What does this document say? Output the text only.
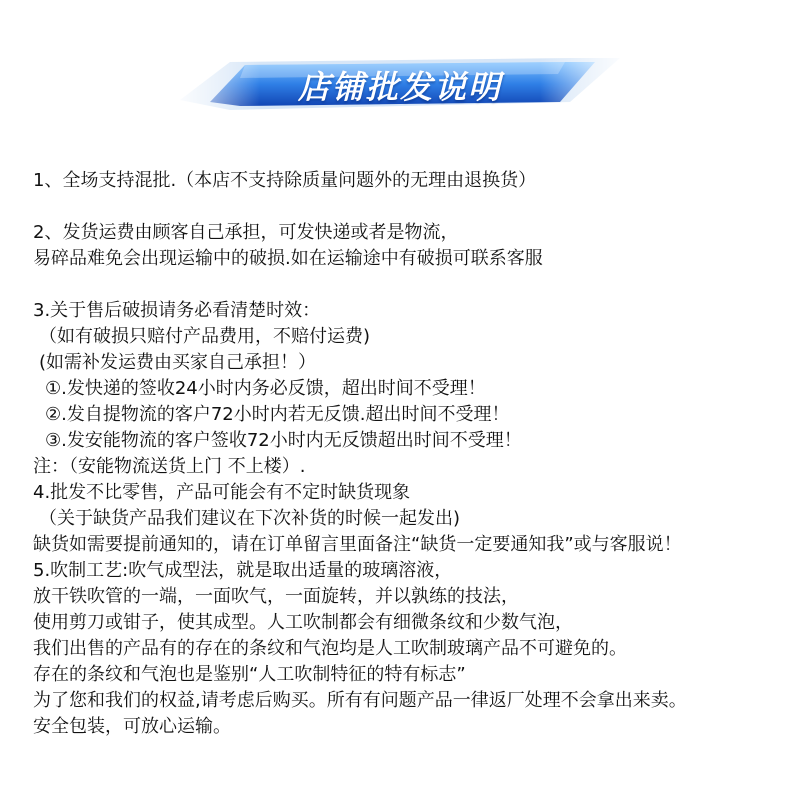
店铺批发说明
1、全场支持混批.（本店不支持除质量问题外的无理由退换货）
2、发货运费由顾客自己承担，可发快递或者是物流，
易碎品难免会出现运输中的破损.如在运输途中有破损可联系客服
3.关于售后破损请务必看清楚时效：
（如有破损只赔付产品费用，不赔付运费)
(如需补发运费由买家自己承担！）
①.发快递的签收24小时内务必反馈，超出时间不受理！
②.发自提物流的客户72小时内若无反馈.超出时间不受理！
③.发安能物流的客户签收72小时内无反馈超出时间不受理！
注：（安能物流送货上门 不上楼）.
4.批发不比零售，产品可能会有不定时缺货现象
（关于缺货产品我们建议在下次补货的时候一起发出)
缺货如需要提前通知的，请在订单留言里面备注“缺货一定要通知我”或与客服说！
5.吹制工艺:吹气成型法，就是取出适量的玻璃溶液，
放干铁吹管的一端，一面吹气，一面旋转，并以孰练的技法，
使用剪刀或钳子，使其成型。人工吹制都会有细微条纹和少数气泡，
我们出售的产品有的存在的条纹和气泡均是人工吹制玻璃产品不可避免的。
存在的条纹和气泡也是鉴别“人工吹制特征的特有标志”
为了您和我们的权益,请考虑后购买。所有有问题产品一律返厂处理不会拿出来卖。
安全包装，可放心运输。
